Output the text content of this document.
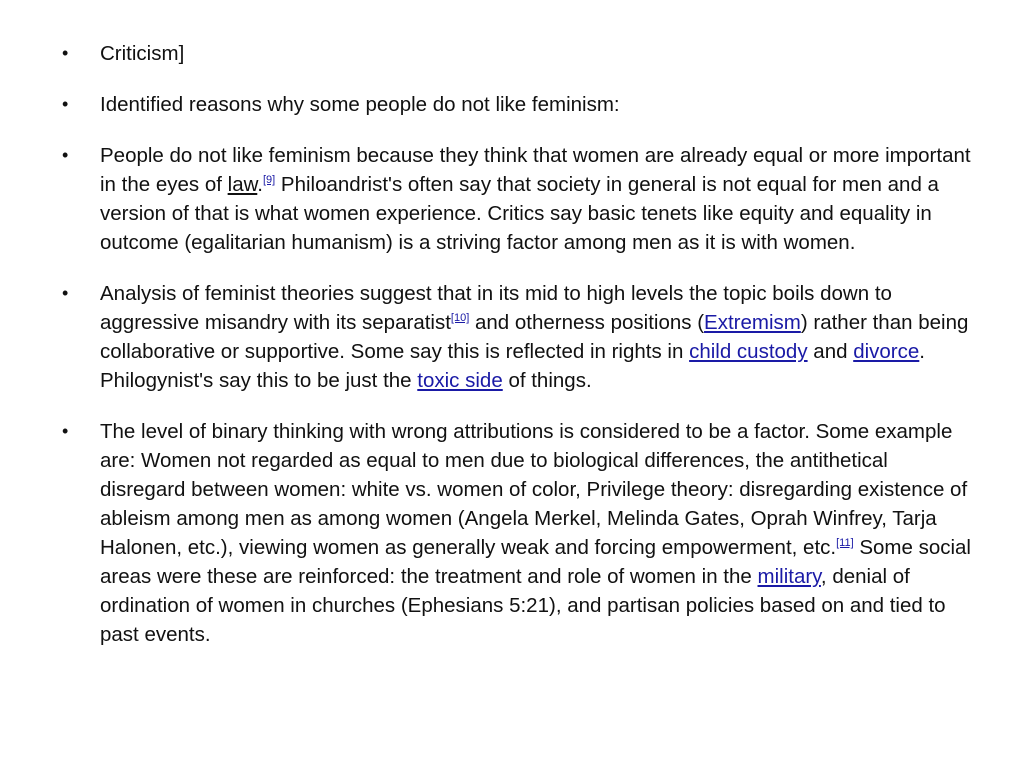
• Criticism]
• Identified reasons why some people do not like feminism:
• People do not like feminism because they think that women are already equal or more important in the eyes of law.[9] Philoandrist's often say that society in general is not equal for men and a version of that is what women experience. Critics say basic tenets like equity and equality in outcome (egalitarian humanism) is a striving factor among men as it is with women.
• Analysis of feminist theories suggest that in its mid to high levels the topic boils down to aggressive misandry with its separatist[10] and otherness positions (Extremism) rather than being collaborative or supportive. Some say this is reflected in rights in child custody and divorce. Philogynist's say this to be just the toxic side of things.
• The level of binary thinking with wrong attributions is considered to be a factor. Some example are: Women not regarded as equal to men due to biological differences, the antithetical disregard between women: white vs. women of color, Privilege theory: disregarding existence of ableism among men as among women (Angela Merkel, Melinda Gates, Oprah Winfrey, Tarja Halonen, etc.), viewing women as generally weak and forcing empowerment, etc.[11] Some social areas were these are reinforced: the treatment and role of women in the military, denial of ordination of women in churches (Ephesians 5:21), and partisan policies based on and tied to past events.
